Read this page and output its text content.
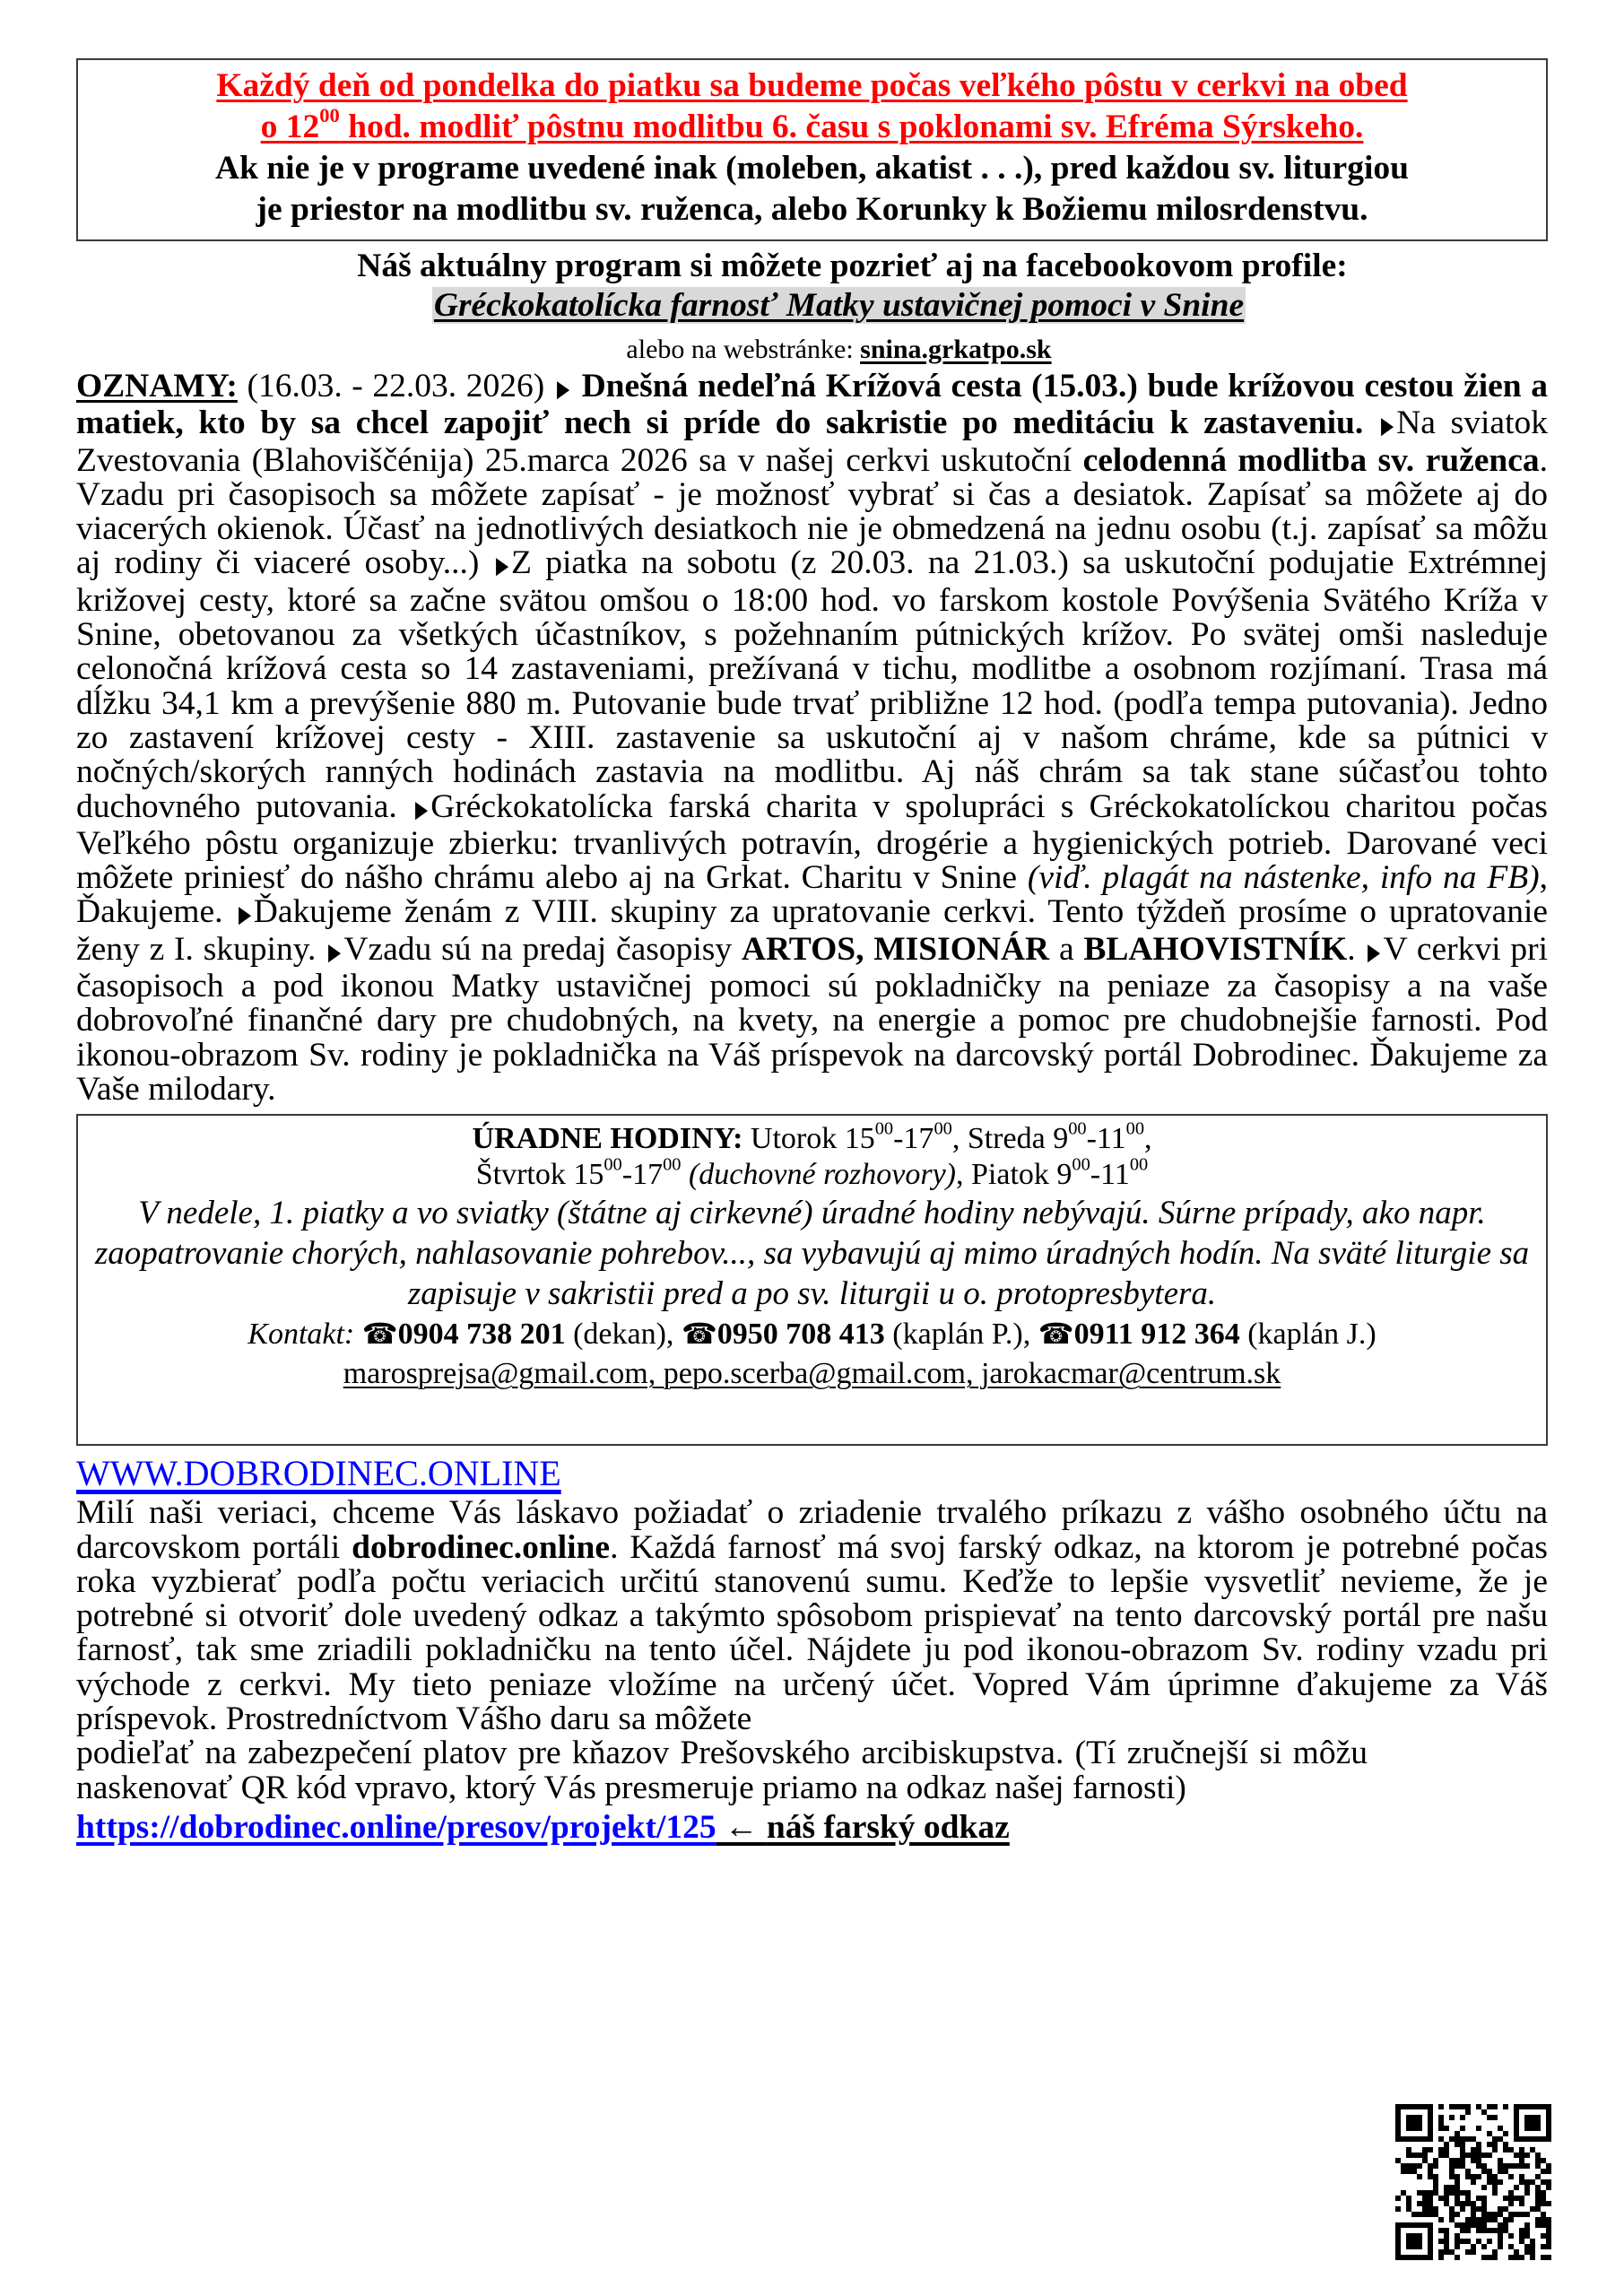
Každý deň od pondelka do piatku sa budeme počas veľkého pôstu v cerkvi na obed
o $12^{00}$ hod. modliť pôstnu modlitbu 6. času s poklonami sv. Efréma Sýrskeho.
Ak nie je v programe uvedené inak (moleben, akatist . . .), pred každou sv. liturgiou
je priestor na modlitbu sv. ruženca, alebo Korunky k Božiemu milosrdenstvu.
Náš aktuálny program si môžete pozrieť aj na facebookovom profile:
Gréckokatolícka farnosť Matky ustavičnej pomoci v Snine
alebo na webstránke: snina.grkatpo.sk
OZNAMY: (16.03. - 22.03. 2026) ▶ Dnešná nedeľná Krížová cesta (15.03.) bude krížovou cestou žien a matiek, kto by sa chcel zapojiť nech si príde do sakristie po meditáciu k zastaveniu. ▶Na sviatok Zvestovania (Blahoviščénija) 25.marca 2026 sa v našej cerkvi uskutoční celodenná modlitba sv. ruženca. Vzadu pri časopisoch sa môžete zapísať - je možnosť vybrať si čas a desiatok. Zapísať sa môžete aj do viacerých okienok. Účasť na jednotlivých desiatkoch nie je obmedzená na jednu osobu (t.j. zapísať sa môžu aj rodiny či viaceré osoby...) ▶Z piatka na sobotu (z 20.03. na 21.03.) sa uskutoční podujatie Extrémnej križovej cesty, ktoré sa začne svätou omšou o 18:00 hod. vo farskom kostole Povýšenia Svätého Kríža v Snine, obetovanou za všetkých účastníkov, s požehnaním pútnických krížov. Po svätej omši nasleduje celonočná krížová cesta so 14 zastaveniami, prežívaná v tichu, modlitbe a osobnom rozjímaní. Trasa má dĺžku 34,1 km a prevýšenie 880 m. Putovanie bude trvať približne 12 hod. (podľa tempa putovania). Jedno zo zastavení krížovej cesty - XIII. zastavenie sa uskutoční aj v našom chráme, kde sa pútnici v nočných/skorých ranných hodinách zastavia na modlitbu. Aj náš chrám sa tak stane súčasťou tohto duchovného putovania. ▶Gréckokatolícka farská charita v spolupráci s Gréckokatolíckou charitou počas Veľkého pôstu organizuje zbierku: trvanlivých potravín, drogérie a hygienických potrieb. Darované veci môžete priniesť do nášho chrámu alebo aj na Grkat. Charitu v Snine (viď. plagát na nástenke, info na FB), Ďakujeme. ▶Ďakujeme ženám z VIII. skupiny za upratovanie cerkvi. Tento týždeň prosíme o upratovanie ženy z I. skupiny. ▶Vzadu sú na predaj časopisy ARTOS, MISIONÁR a BLAHOVISTNÍK. ▶V cerkvi pri časopisoch a pod ikonou Matky ustavičnej pomoci sú pokladničky na peniaze za časopisy a na vaše dobrovoľné finančné dary pre chudobných, na kvety, na energie a pomoc pre chudobnejšie farnosti. Pod ikonou-obrazom Sv. rodiny je pokladnička na Váš príspevok na darcovský portál Dobrodinec. Ďakujeme za Vaše milodary.
ÚRADNE HODINY: Utorok $15^{00}-17^{00}$, Streda $9^{00}-11^{00}$,
Štvrtok $15^{00}-17^{00}$ (duchovné rozhovory), Piatok $9^{00}-11^{00}$
V nedele, 1. piatky a vo sviatky (štátne aj cirkevné) úradné hodiny nebývajú. Súrne prípady, ako napr. zaopatrovanie chorých, nahlasovanie pohrebov..., sa vybavujú aj mimo úradných hodín. Na sväté liturgie sa zapisuje v sakristii pred a po sv. liturgii u o. protopresbytera.
Kontakt: ☎0904 738 201 (dekan), ☎0950 708 413 (kaplán P.), ☎0911 912 364 (kaplán J.)
marosprejsa@gmail.com, pepo.scerba@gmail.com, jarokacmar@centrum.sk
WWW.DOBRODINEC.ONLINE
Milí naši veriaci, chceme Vás láskavo požiadať o zriadenie trvalého príkazu z vášho osobného účtu na darcovskom portáli dobrodinec.online. Každá farnosť má svoj farský odkaz, na ktorom je potrebné počas roka vyzbierať podľa počtu veriacich určitú stanovenú sumu. Keďže to lepšie vysvetliť nevieme, že je potrebné si otvoriť dole uvedený odkaz a takýmto spôsobom prispievať na tento darcovský portál pre našu farnosť, tak sme zriadili pokladničku na tento účel. Nájdete ju pod ikonou-obrazom Sv. rodiny vzadu pri východe z cerkvi. My tieto peniaze vložíme na určený účet. Vopred Vám úprimne ďakujeme za Váš príspevok. Prostredníctvom Vášho daru sa môžete
podieľať na zabezpečení platov pre kňazov Prešovského arcibiskupstva. (Tí zručnejší si môžu naskenovať QR kód vpravo, ktorý Vás presmeruje priamo na odkaz našej farnosti)
https://dobrodinec.online/presov/projekt/125 ← náš farský odkaz
